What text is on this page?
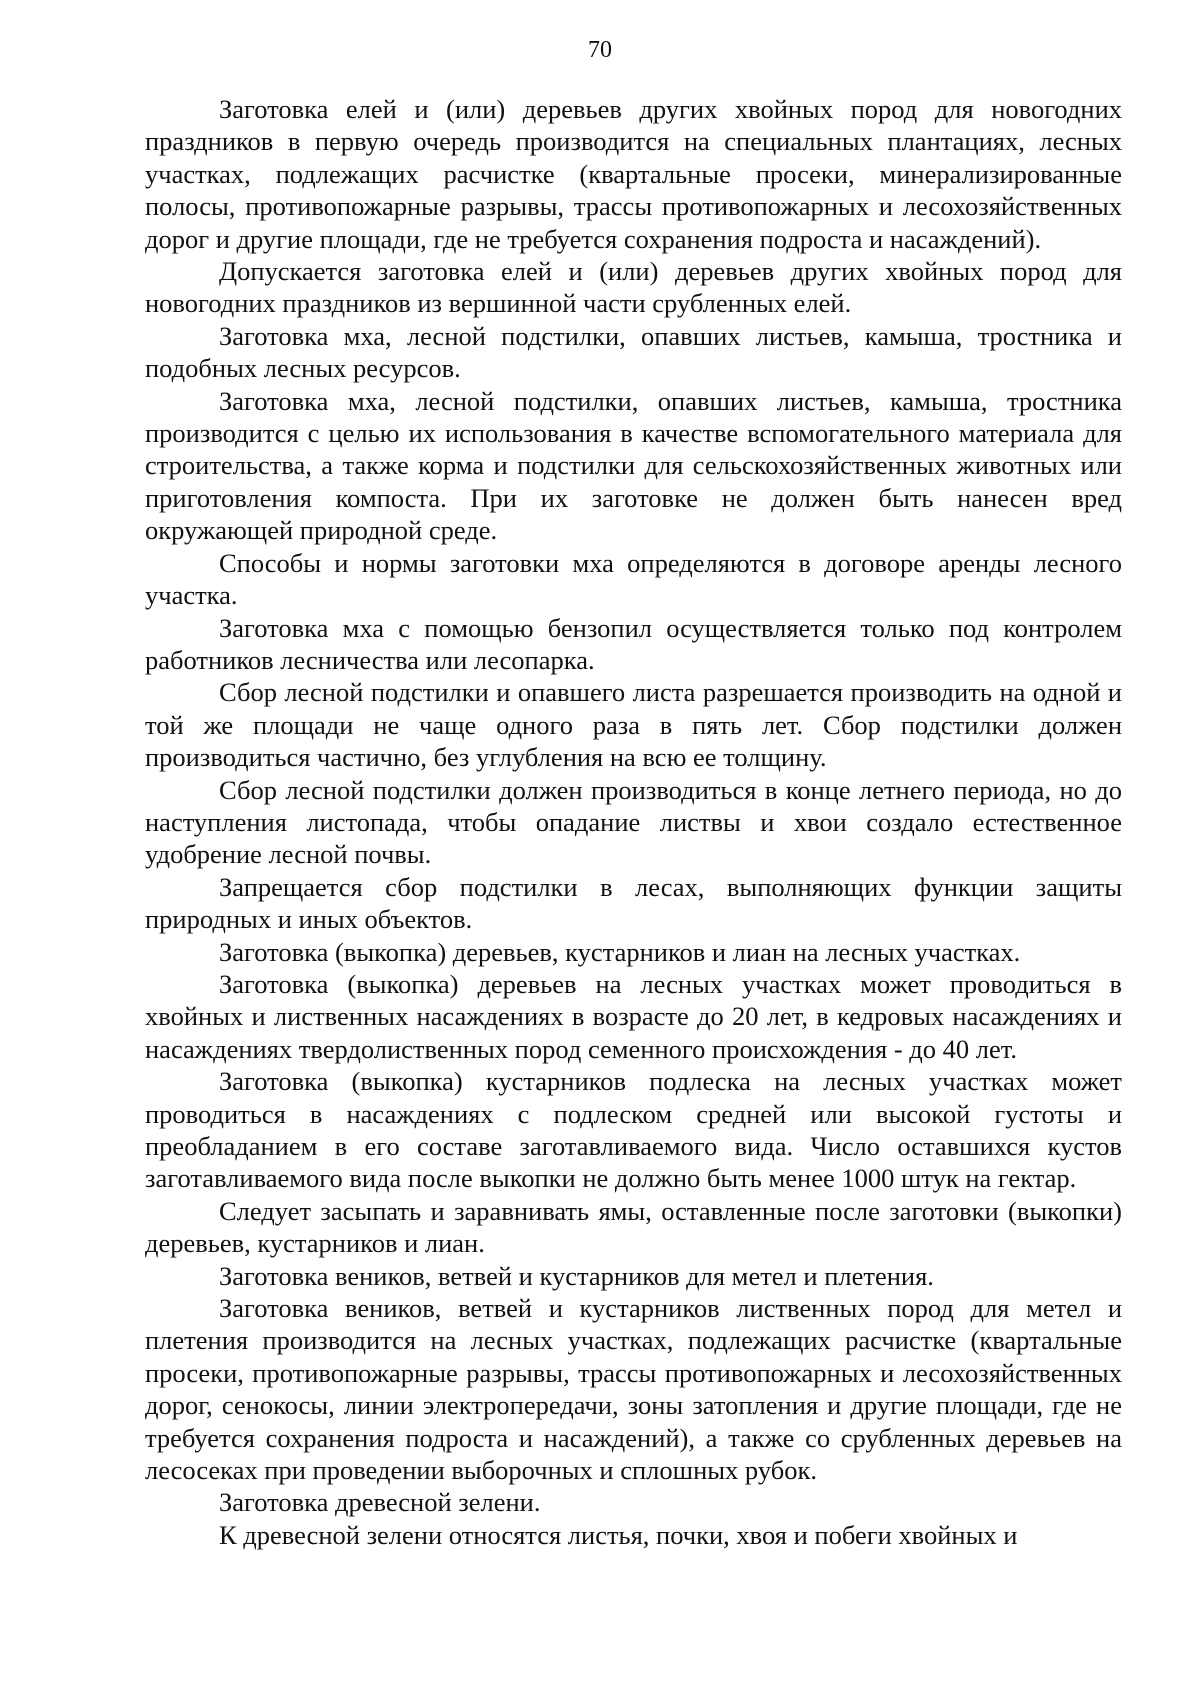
70

Заготовка елей и (или) деревьев других хвойных пород для новогодних праздников в первую очередь производится на специальных плантациях, лесных участках, подлежащих расчистке (квартальные просеки, минерализированные полосы, противопожарные разрывы, трассы противопожарных и лесохозяйственных дорог и другие площади, где не требуется сохранения подроста и насаждений).

Допускается заготовка елей и (или) деревьев других хвойных пород для новогодних праздников из вершинной части срубленных елей.

Заготовка мха, лесной подстилки, опавших листьев, камыша, тростника и подобных лесных ресурсов.

Заготовка мха, лесной подстилки, опавших листьев, камыша, тростника производится с целью их использования в качестве вспомогательного материала для строительства, а также корма и подстилки для сельскохозяйственных животных или приготовления компоста. При их заготовке не должен быть нанесен вред окружающей природной среде.

Способы и нормы заготовки мха определяются в договоре аренды лесного участка.

Заготовка мха с помощью бензопил осуществляется только под контролем работников лесничества или лесопарка.

Сбор лесной подстилки и опавшего листа разрешается производить на одной и той же площади не чаще одного раза в пять лет. Сбор подстилки должен производиться частично, без углубления на всю ее толщину.

Сбор лесной подстилки должен производиться в конце летнего периода, но до наступления листопада, чтобы опадание листвы и хвои создало естественное удобрение лесной почвы.

Запрещается сбор подстилки в лесах, выполняющих функции защиты природных и иных объектов.

Заготовка (выкопка) деревьев, кустарников и лиан на лесных участках.

Заготовка (выкопка) деревьев на лесных участках может проводиться в хвойных и лиственных насаждениях в возрасте до 20 лет, в кедровых насаждениях и насаждениях твердолиственных пород семенного происхождения - до 40 лет.

Заготовка (выкопка) кустарников подлеска на лесных участках может проводиться в насаждениях с подлеском средней или высокой густоты и преобладанием в его составе заготавливаемого вида. Число оставшихся кустов заготавливаемого вида после выкопки не должно быть менее 1000 штук на гектар.

Следует засыпать и заравнивать ямы, оставленные после заготовки (выкопки) деревьев, кустарников и лиан.

Заготовка веников, ветвей и кустарников для метел и плетения.

Заготовка веников, ветвей и кустарников лиственных пород для метел и плетения производится на лесных участках, подлежащих расчистке (квартальные просеки, противопожарные разрывы, трассы противопожарных и лесохозяйственных дорог, сенокосы, линии электропередачи, зоны затопления и другие площади, где не требуется сохранения подроста и насаждений), а также со срубленных деревьев на лесосеках при проведении выборочных и сплошных рубок.

Заготовка древесной зелени.

К древесной зелени относятся листья, почки, хвоя и побеги хвойных и
